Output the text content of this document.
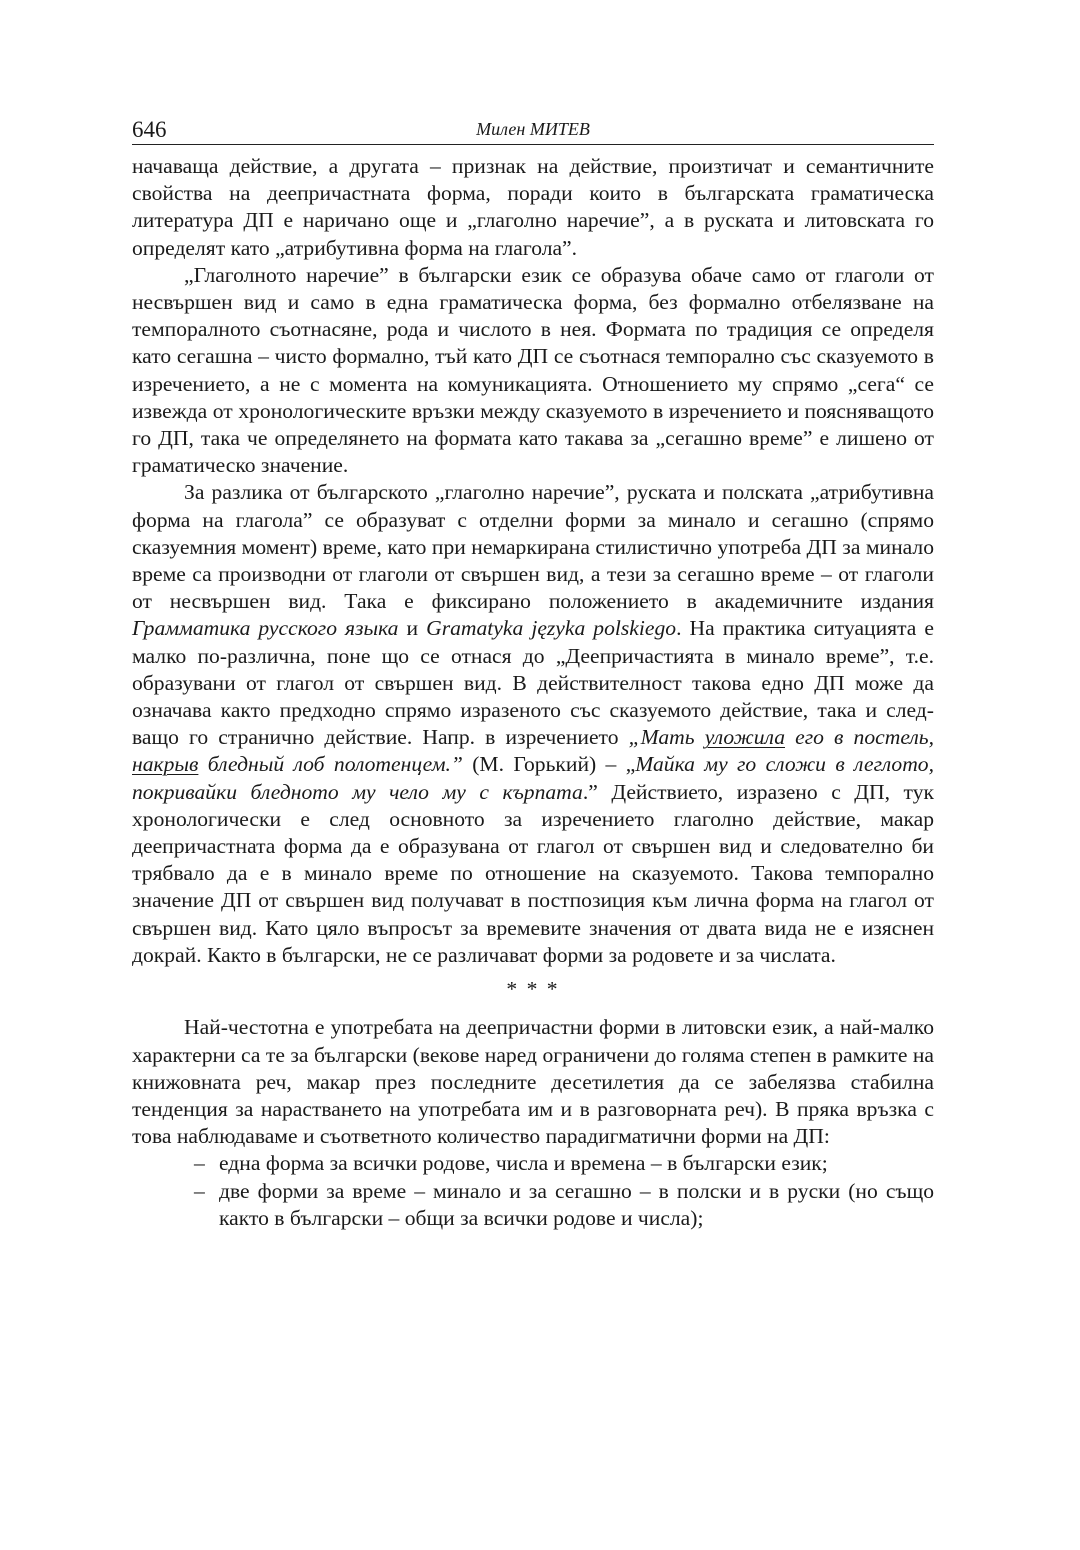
646	Милен МИТЕВ

начаваща действие, а другата – признак на действие, произтичат и семантичните свойства на деепричастната форма, поради които в българската граматическа литература ДП е наричано още и „глаголно наречие”, а в руската и литовската го определят като „атрибутивна форма на глагола”.

„Глаголното наречие” в български език се образува обаче само от глаголи от несвършен вид и само в една граматическа форма, без формално отбелязване на темпоралното съотнасяне, рода и числото в нея. Формата по традиция се определя като сегашна – чисто формално, тъй като ДП се съотнася темпорално със сказуемото в изречението, а не с момента на комуникацията. Отношението му спрямо „сега“ се извежда от хронологическите връзки между сказуемото в изречението и поясняващото го ДП, така че определянето на формата като такава за „сегашно време” е лишено от граматическо значение.

За разлика от българското „глаголно наречие”, руската и полската „атрибутивна форма на глагола” се образуват с отделни форми за минало и сегашно (спрямо сказуемния момент) време, като при немаркирана стилистично употреба ДП за минало време са производни от глаголи от свършен вид, а тези за сегашно време – от глаголи от несвършен вид. Така е фиксирано положението в академичните издания Грамматика русского языка и Gramatyka języka polskiego. На практика ситуацията е малко по-различна, поне що се отнася до „Деепричастията в минало време”, т.е. образувани от глагол от свършен вид. В действителност такова едно ДП може да означава както предходно спрямо изразеното със сказуемото действие, така и следващо го странично действие. Напр. в изречението „Мать уложила его в постель, накрыв бледный лоб полотенцем.” (М. Горький) – „Майка му го сложи в леглото, покривайки бледното му чело му с кърпата.” Действието, изразено с ДП, тук хронологически е след основното за изречението глаголно действие, макар деепричастната форма да е образувана от глагол от свършен вид и следователно би трябвало да е в минало време по отношение на сказуемото. Такова темпорално значение ДП от свършен вид получават в постпозиция към лична форма на глагол от свършен вид. Като цяло въпросът за времевите значения от двата вида не е изяснен докрай. Както в български, не се различават форми за родовете и за числата.

* * *

Най-честотна е употребата на деепричастни форми в литовски език, а най-малко характерни са те за български (векове наред ограничени до голяма степен в рамките на книжовната реч, макар през последните десетилетия да се забелязва стабилна тенденция за нарастването на употребата им и в разговорната реч). В пряка връзка с това наблюдаваме и съответното количество парадигматични форми на ДП:

– една форма за всички родове, числа и времена – в български език;
– две форми за време – минало и за сегашно – в полски и в руски (но също както в български – общи за всички родове и числа);
